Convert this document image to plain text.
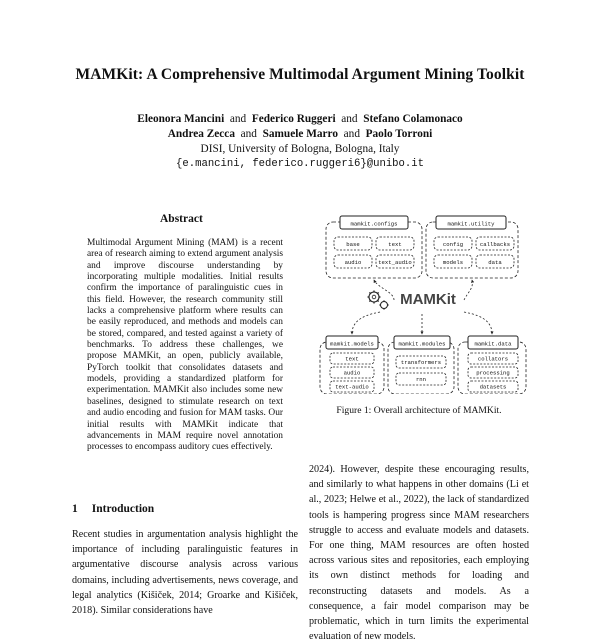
MAMKit: A Comprehensive Multimodal Argument Mining Toolkit
Eleonora Mancini and Federico Ruggeri and Stefano Colamonaco
Andrea Zecca and Samuele Marro and Paolo Torroni
DISI, University of Bologna, Bologna, Italy
{e.mancini, federico.ruggeri6}@unibo.it
Abstract
Multimodal Argument Mining (MAM) is a recent area of research aiming to extend argument analysis and improve discourse understanding by incorporating multiple modalities. Initial results confirm the importance of paralinguistic cues in this field. However, the research community still lacks a comprehensive platform where results can be easily reproduced, and methods and models can be stored, compared, and tested against a variety of benchmarks. To address these challenges, we propose MAMKit, an open, publicly available, PyTorch toolkit that consolidates datasets and models, providing a standardized platform for experimentation. MAMKit also includes some new baselines, designed to stimulate research on text and audio encoding and fusion for MAM tasks. Our initial results with MAMKit indicate that advancements in MAM require novel annotation processes to encompass auditory cues effectively.
1 Introduction
Recent studies in argumentation analysis highlight the importance of including paralinguistic features in argumentative discourse analysis across various domains, including advertisements, news coverage, and legal analytics (Kišiček, 2014; Groarke and Kišiček, 2018). Similar considerations have
2024). However, despite these encouraging results, and similarly to what happens in other domains (Li et al., 2023; Helwe et al., 2022), the lack of standardized tools is hampering progress since MAM researchers struggle to access and evaluate models and datasets. For one thing, MAM resources are often hosted across various sites and repositories, each employing its own distinct methods for loading and reconstructing datasets and models. As a consequence, a fair model comparison may be problematic, which in turn limits the experimental evaluation of new models.
mamkit.configs
base	text
audio	text_audio
mamkit.utility
config	callbacks
models	data
mamkit.models
text
audio
text-audio
mamkit.modules
transformers
rnn
mamkit.data
collators
processing
datasets
MAMKit
Figure 1: Overall architecture of MAMKit.
